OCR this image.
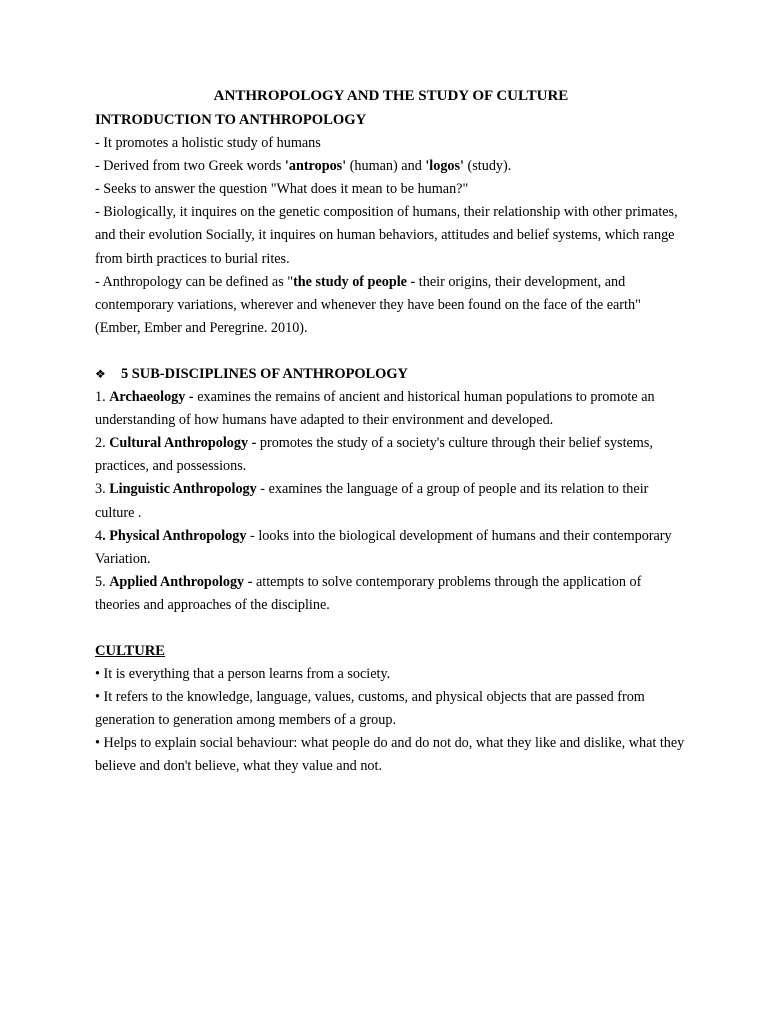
ANTHROPOLOGY AND THE STUDY OF CULTURE
INTRODUCTION TO ANTHROPOLOGY

- It promotes a holistic study of humans

- Derived from two Greek words 'antropos' (human) and 'logos' (study).

- Seeks to answer the question "What does it mean to be human?"

- Biologically, it inquires on the genetic composition of humans, their relationship with other primates, and their evolution Socially, it inquires on human behaviors, attitudes and belief systems, which range from birth practices to burial rites.

- Anthropology can be defined as "the study of people - their origins, their development, and contemporary variations, wherever and whenever they have been found on the face of the earth" (Ember, Ember and Peregrine. 2010).

❖ 5 SUB-DISCIPLINES OF ANTHROPOLOGY

1. Archaeology - examines the remains of ancient and historical human populations to promote an understanding of how humans have adapted to their environment and developed.

2. Cultural Anthropology - promotes the study of a society's culture through their belief systems, practices, and possessions.

3. Linguistic Anthropology - examines the language of a group of people and its relation to their culture .

4. Physical Anthropology - looks into the biological development of humans and their contemporary Variation.

5. Applied Anthropology - attempts to solve contemporary problems through the application of theories and approaches of the discipline.

CULTURE

• It is everything that a person learns from a society.

• It refers to the knowledge, language, values, customs, and physical objects that are passed from generation to generation among members of a group.

• Helps to explain social behaviour: what people do and do not do, what they like and dislike, what they believe and don't believe, what they value and not.
